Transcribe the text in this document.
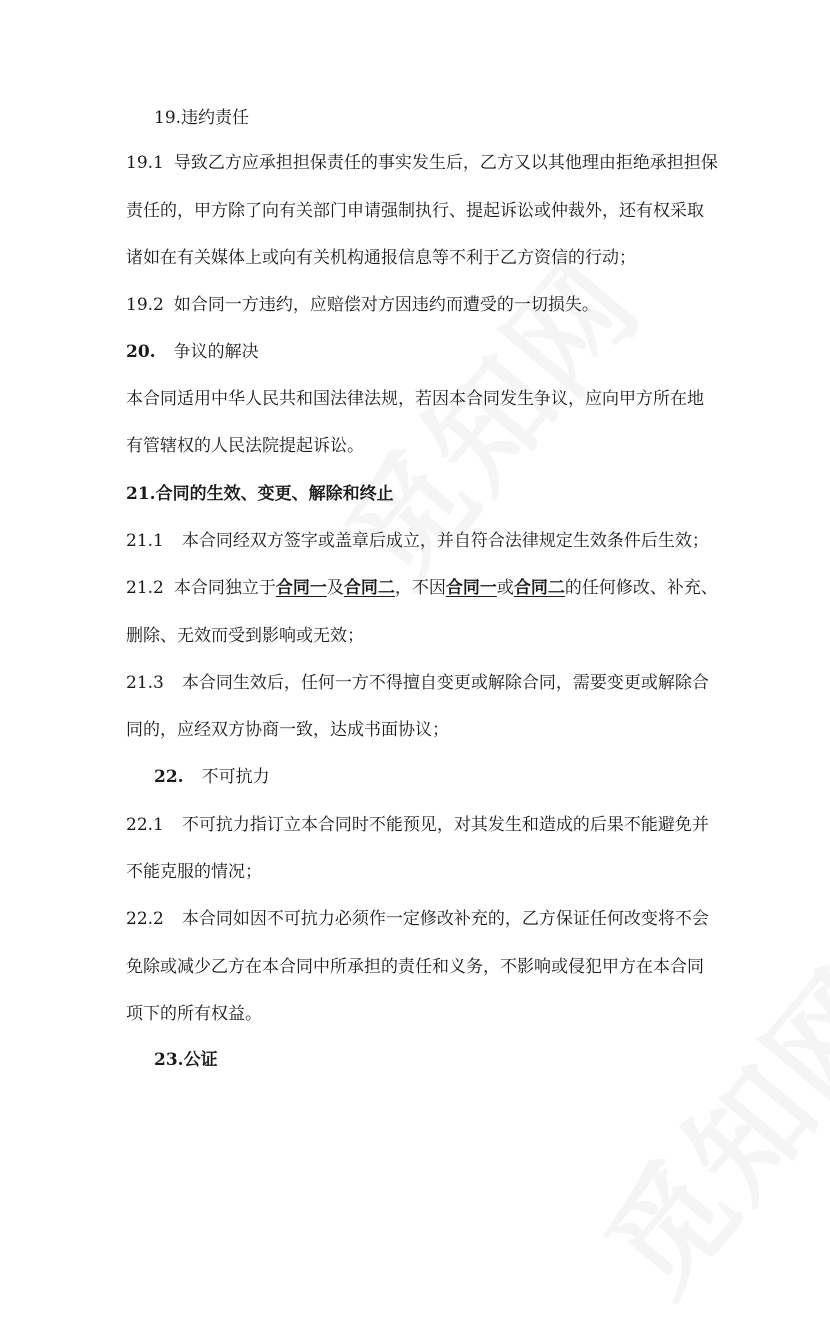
19.违约责任
19.1 导致乙方应承担担保责任的事实发生后，乙方又以其他理由拒绝承担担保
责任的，甲方除了向有关部门申请强制执行、提起诉讼或仲裁外，还有权采取
诸如在有关媒体上或向有关机构通报信息等不利于乙方资信的行动；
19.2 如合同一方违约，应赔偿对方因违约而遭受的一切损失。
20. 争议的解决
本合同适用中华人民共和国法律法规，若因本合同发生争议，应向甲方所在地
有管辖权的人民法院提起诉讼。
21.合同的生效、变更、解除和终止
21.1 本合同经双方签字或盖章后成立，并自符合法律规定生效条件后生效；
21.2 本合同独立于合同一及合同二，不因合同一或合同二的任何修改、补充、
删除、无效而受到影响或无效；
21.3 本合同生效后，任何一方不得擅自变更或解除合同，需要变更或解除合
同的，应经双方协商一致，达成书面协议；
22. 不可抗力
22.1 不可抗力指订立本合同时不能预见，对其发生和造成的后果不能避免并
不能克服的情况；
22.2 本合同如因不可抗力必须作一定修改补充的，乙方保证任何改变将不会
免除或减少乙方在本合同中所承担的责任和义务，不影响或侵犯甲方在本合同
项下的所有权益。
23.公证
